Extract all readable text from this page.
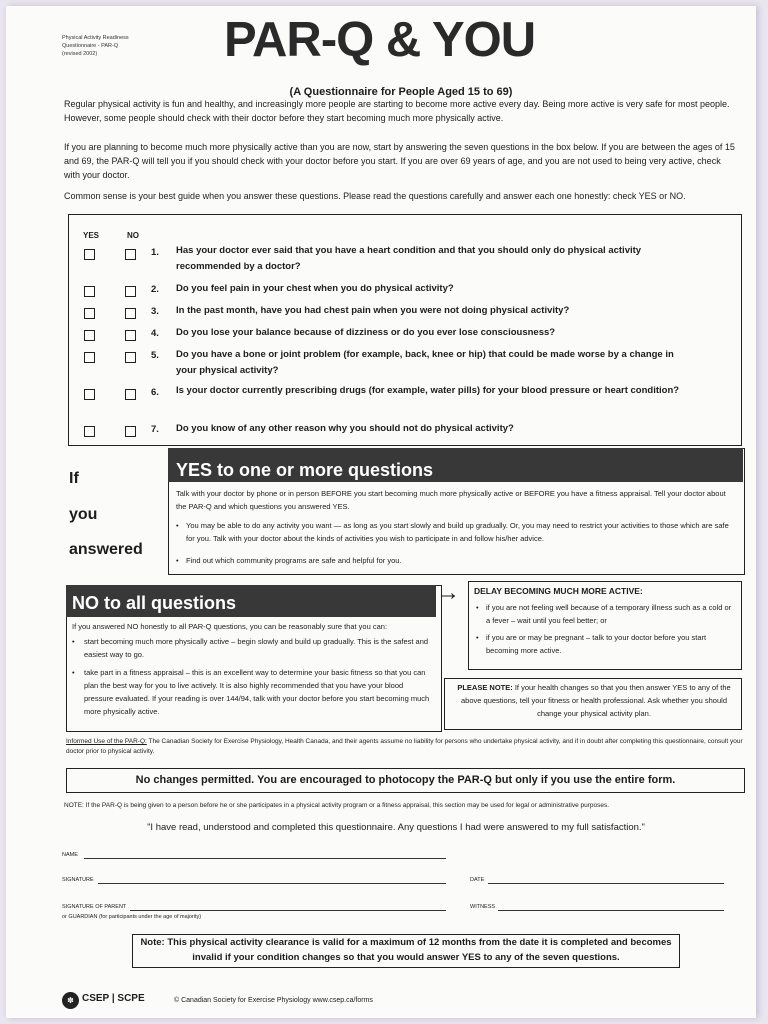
Physical Activity Readiness
Questionnaire - PAR-Q
(revised 2002)	PAR-Q & YOU
(A Questionnaire for People Aged 15 to 69)
Regular physical activity is fun and healthy, and increasingly more people are starting to become more active every day. Being more active is very safe for most people. However, some people should check with their doctor before they start becoming much more physically active.
If you are planning to become much more physically active than you are now, start by answering the seven questions in the box below. If you are between the ages of 15 and 69, the PAR-Q will tell you if you should check with your doctor before you start. If you are over 69 years of age, and you are not used to being very active, check with your doctor.
Common sense is your best guide when you answer these questions. Please read the questions carefully and answer each one honestly: check YES or NO.
YES	NO
1. Has your doctor ever said that you have a heart condition and that you should only do physical activity recommended by a doctor?
2. Do you feel pain in your chest when you do physical activity?
3. In the past month, have you had chest pain when you were not doing physical activity?
4. Do you lose your balance because of dizziness or do you ever lose consciousness?
5. Do you have a bone or joint problem (for example, back, knee or hip) that could be made worse by a change in your physical activity?
6. Is your doctor currently prescribing drugs (for example, water pills) for your blood pressure or heart condition?
7. Do you know of any other reason why you should not do physical activity?
If
you
answered
YES to one or more questions
Talk with your doctor by phone or in person BEFORE you start becoming much more physically active or BEFORE you have a fitness appraisal. Tell your doctor about the PAR-Q and which questions you answered YES.
• You may be able to do any activity you want — as long as you start slowly and build up gradually. Or, you may need to restrict your activities to those which are safe for you. Talk with your doctor about the kinds of activities you wish to participate in and follow his/her advice.
• Find out which community programs are safe and helpful for you.
NO to all questions
If you answered NO honestly to all PAR-Q questions, you can be reasonably sure that you can:
•	start becoming much more physically active – begin slowly and build up gradually. This is the safest and easiest way to go.
•	take part in a fitness appraisal – this is an excellent way to determine your basic fitness so that you can plan the best way for you to live actively. It is also highly recommended that you have your blood pressure evaluated. If your reading is over 144/94, talk with your doctor before you start becoming much more physically active.
→ DELAY BECOMING MUCH MORE ACTIVE:
• if you are not feeling well because of a temporary illness such as a cold or a fever – wait until you feel better; or
• if you are or may be pregnant – talk to your doctor before you start becoming more active.
PLEASE NOTE: If your health changes so that you then answer YES to any of the above questions, tell your fitness or health professional. Ask whether you should change your physical activity plan.
Informed Use of the PAR-Q: The Canadian Society for Exercise Physiology, Health Canada, and their agents assume no liability for persons who undertake physical activity, and if in doubt after completing this questionnaire, consult your doctor prior to physical activity.
No changes permitted. You are encouraged to photocopy the PAR-Q but only if you use the entire form.
NOTE: If the PAR-Q is being given to a person before he or she participates in a physical activity program or a fitness appraisal, this section may be used for legal or administrative purposes.
"I have read, understood and completed this questionnaire. Any questions I had were answered to my full satisfaction."
NAME
SIGNATURE	DATE
SIGNATURE OF PARENT
or GUARDIAN (for participants under the age of majority)
WITNESS
Note: This physical activity clearance is valid for a maximum of 12 months from the date it is completed and becomes invalid if your condition changes so that you would answer YES to any of the seven questions.
✽ CSEP | SCPE	© Canadian Society for Exercise Physiology www.csep.ca/forms
